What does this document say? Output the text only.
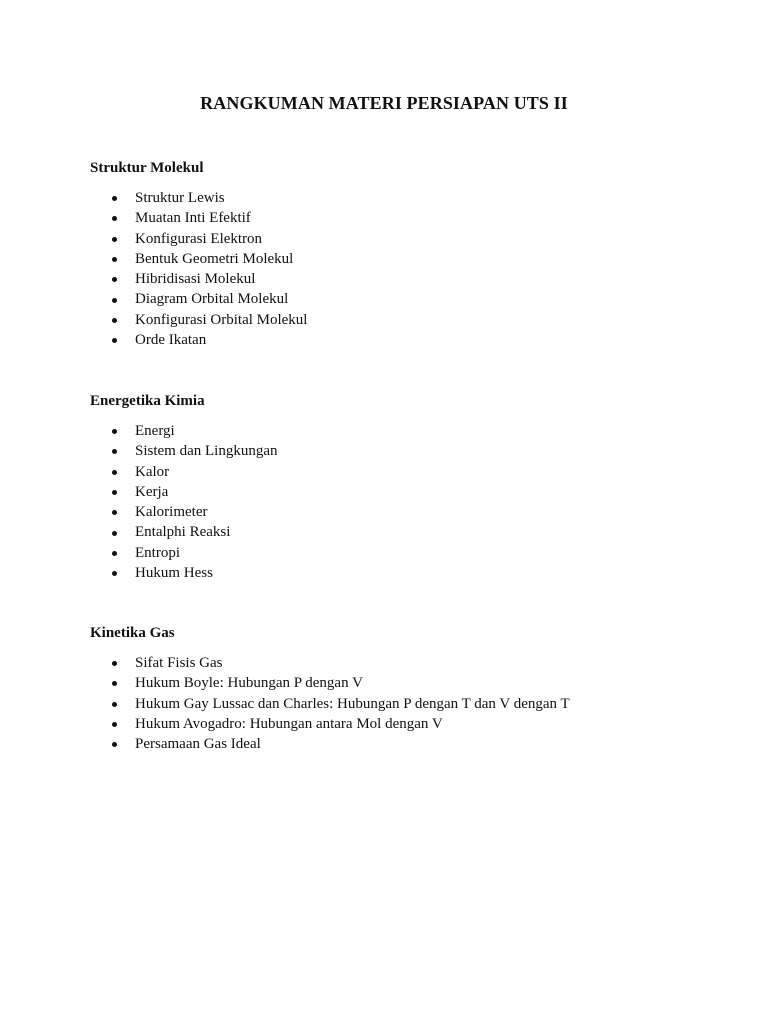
RANGKUMAN MATERI PERSIAPAN UTS II
Struktur Molekul
Struktur Lewis
Muatan Inti Efektif
Konfigurasi Elektron
Bentuk Geometri Molekul
Hibridisasi Molekul
Diagram Orbital Molekul
Konfigurasi Orbital Molekul
Orde Ikatan
Energetika Kimia
Energi
Sistem dan Lingkungan
Kalor
Kerja
Kalorimeter
Entalphi Reaksi
Entropi
Hukum Hess
Kinetika Gas
Sifat Fisis Gas
Hukum Boyle: Hubungan P dengan V
Hukum Gay Lussac dan Charles: Hubungan P dengan T dan V dengan T
Hukum Avogadro: Hubungan antara Mol dengan V
Persamaan Gas Ideal
